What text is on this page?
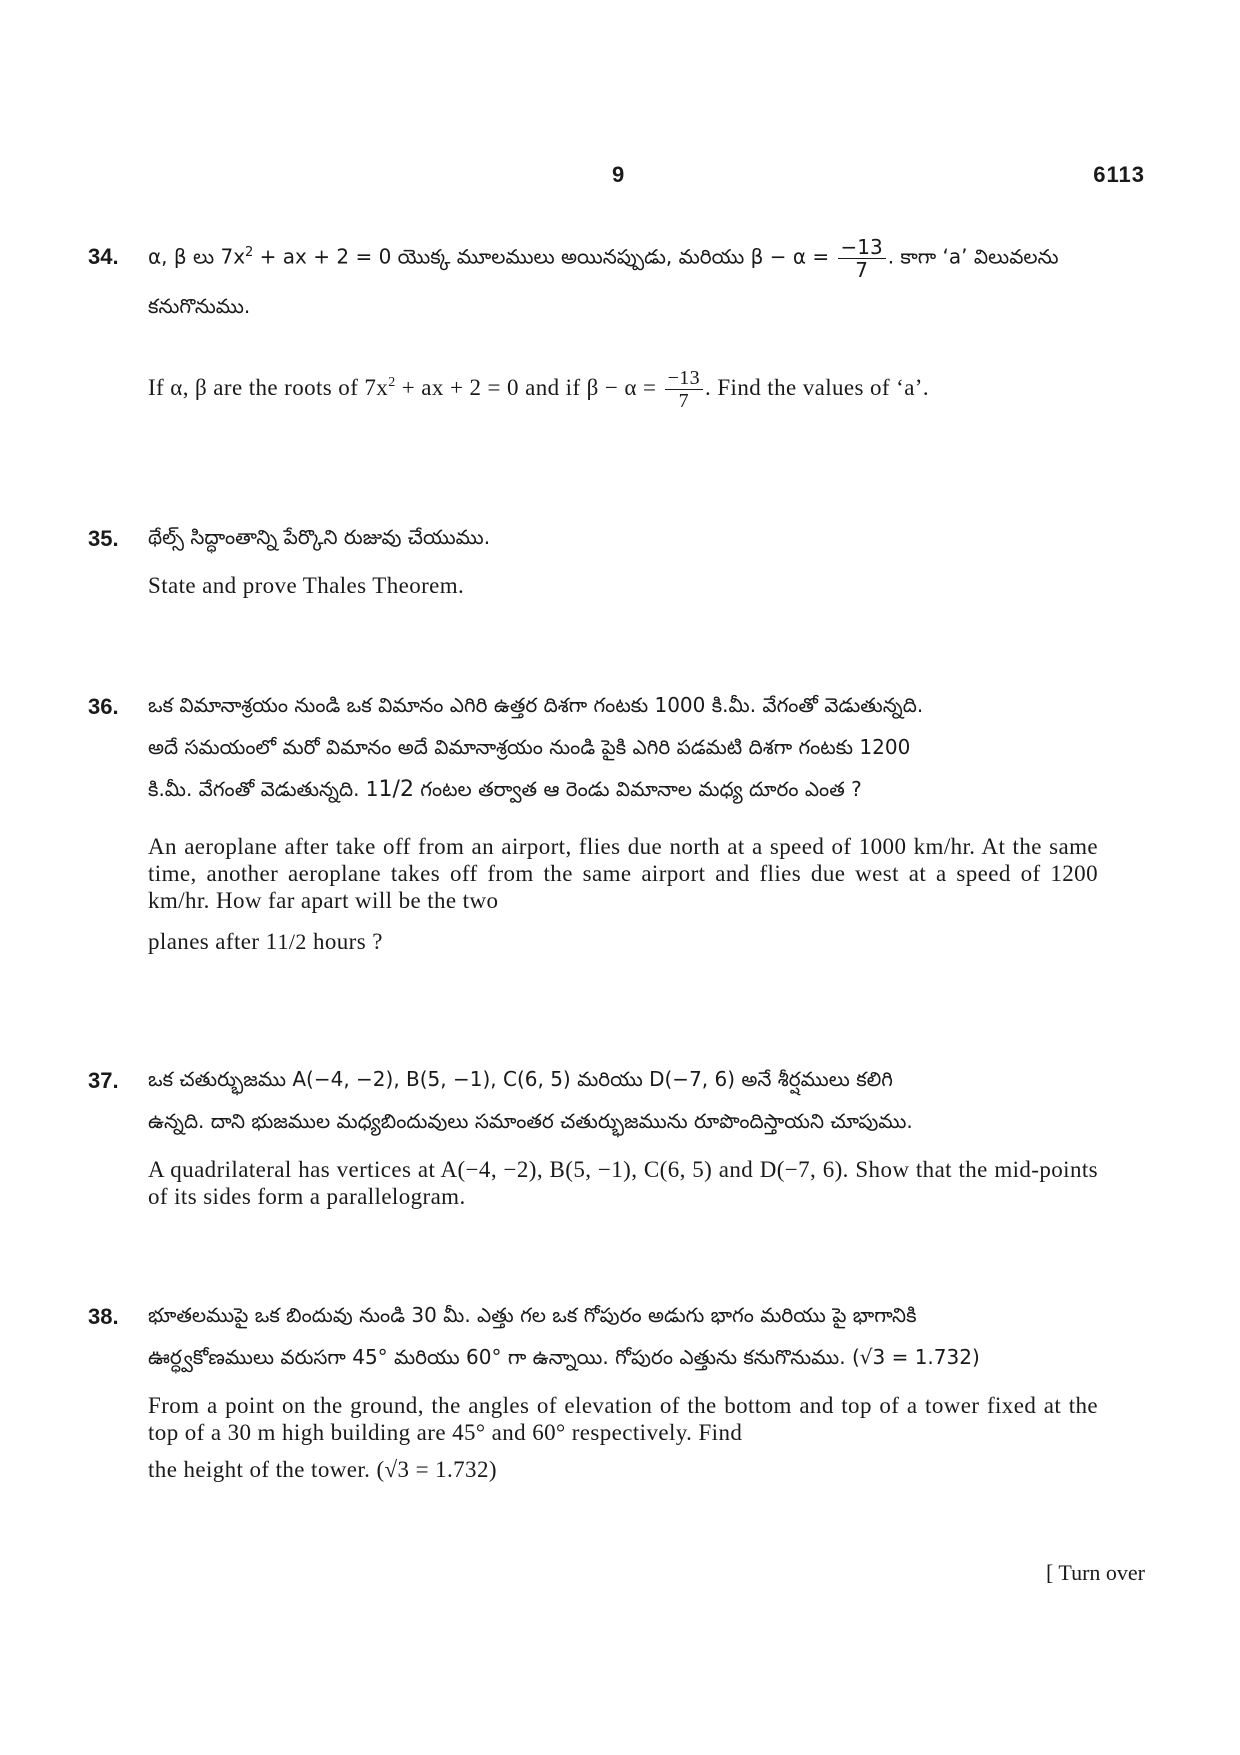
9	6113
34. α, β లు $7x^2$ + ax + 2 = 0 యొక్క మూలములు అయినప్పుడు, మరియు $\beta - \alpha = \frac{-13}{7}$ . కాగా ‘a’ విలువలను
కనుగొనుము.
If α, β are the roots of $7x^2$ + ax + 2 = 0 and if $\beta - \alpha = \frac{-13}{7}$ . Find the values of ‘a’.
35. థేల్స్ సిద్ధాంతాన్ని పేర్కొని రుజువు చేయుము.
State and prove Thales Theorem.
36. ఒక విమానాశ్రయం నుండి ఒక విమానం ఎగిరి ఉత్తర దిశగా గంటకు 1000 కి.మీ. వేగంతో వెడుతున్నది.
అదే సమయంలో మరో విమానం అదే విమానాశ్రయం నుండి పైకి ఎగిరి పడమటి దిశగా గంటకు 1200
కి.మీ. వేగంతో వెడుతున్నది. 11/2 గంటల తర్వాత ఆ రెండు విమానాల మధ్య దూరం ఎంత ?
An aeroplane after take off from an airport, flies due north at a speed of 1000 km/hr. At the same time, another aeroplane takes off from the same airport and flies due west at a speed of 1200 km/hr. How far apart will be the two
planes after 11/2 hours ?
37. ఒక చతుర్భుజము A(−4, −2), B(5, −1), C(6, 5) మరియు D(−7, 6) అనే శీర్షములు కలిగి
ఉన్నది. దాని భుజముల మధ్యబిందువులు సమాంతర చతుర్భుజమును రూపొందిస్తాయని చూపుము.
A quadrilateral has vertices at A(−4, −2), B(5, −1), C(6, 5) and D(−7, 6). Show that the mid-points of its sides form a parallelogram.
38. భూతలముపై ఒక బిందువు నుండి 30 మీ. ఎత్తు గల ఒక గోపురం అడుగు భాగం మరియు పై భాగానికి
ఊర్ధ్వకోణములు వరుసగా 45° మరియు 60° గా ఉన్నాయి. గోపురం ఎత్తును కనుగొనుము. (√3 = 1.732)
From a point on the ground, the angles of elevation of the bottom and top of a tower fixed at the top of a 30 m high building are 45° and 60° respectively. Find
the height of the tower. (√3 = 1.732)
[ Turn over
